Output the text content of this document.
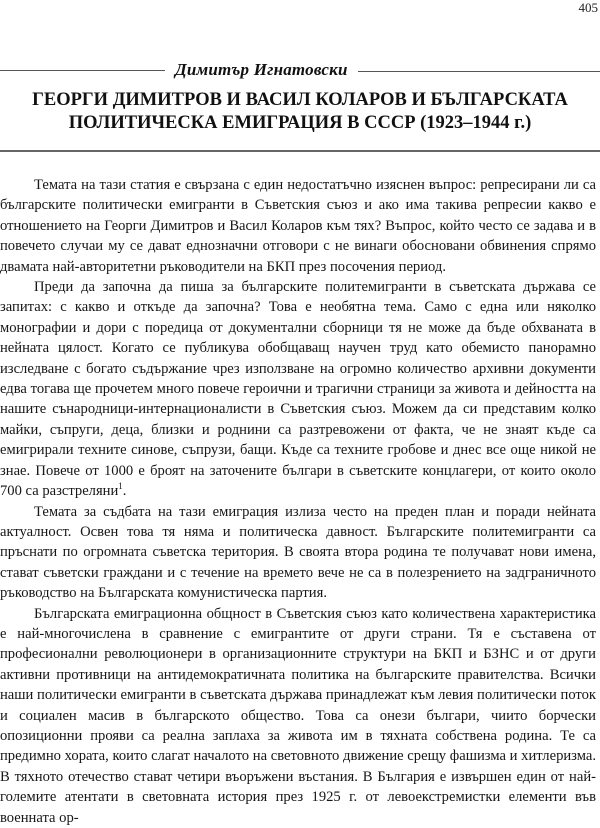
405
Димитър Игнатовски
ГЕОРГИ ДИМИТРОВ И ВАСИЛ КОЛАРОВ И БЪЛГАРСКАТА
ПОЛИТИЧЕСКА ЕМИГРАЦИЯ В СССР (1923–1944 г.)

Темата на тази статия е свързана с един недостатъчно изяснен въпрос: репресирани ли са българските политически емигранти в Съветския съюз и ако има такива репресии какво е отношението на Георги Димитров и Васил Коларов към тях? Въпрос, който често се задава и в повечето случаи му се дават еднозначни отговори с не винаги обосновани обвинения спрямо двамата най-авторитетни ръководители на БКП през посочения период.

Преди да започна да пиша за българските политемигранти в съветската държава се запитах: с какво и откъде да започна? Това е необятна тема. Само с една или няколко монографии и дори с поредица от документални сборници тя не може да бъде обхваната в нейната цялост. Когато се публикува обобщаващ научен труд като обемисто панорамно изследване с богато съдържание чрез използване на огромно количество архивни документи едва тогава ще прочетем много повече героични и трагични страници за живота и дейността на нашите сънародници-интернационалисти в Съветския съюз. Можем да си представим колко майки, съпруги, деца, близки и роднини са разтревожени от факта, че не знаят къде са емигрирали техните синове, съпрузи, бащи. Къде са техните гробове и днес все още никой не знае. Повече от 1000 е броят на заточените българи в съветските концлагери, от които около 700 са разстреляни$^1$.

Темата за съдбата на тази емиграция излиза често на преден план и поради нейната актуалност. Освен това тя няма и политическа давност. Българските политемигранти са пръснати по огромната съветска територия. В своята втора родина те получават нови имена, стават съветски граждани и с течение на времето вече не са в полезрението на задграничното ръководство на Българската комунистическа партия.

Българската емиграционна общност в Съветския съюз като количествена характеристика е най-многочислена в сравнение с емигрантите от други страни. Тя е съставена от професионални революционери в организационните структури на БКП и БЗНС и от други активни противници на антидемократичната политика на българските правителства. Всички наши политически емигранти в съветската държава принадлежат към левия политически поток и социален масив в българското общество. Това са онези българи, чиито борчески опозиционни прояви са реална заплаха за живота им в тяхната собствена родина. Те са предимно хората, които слагат началото на световното движение срещу фашизма и хитлеризма. В тяхното отечество стават четири въоръжени въстания. В България е извършен един от най-големите атентати в световната история през 1925 г. от левоекстремистки елементи във военната ор-
